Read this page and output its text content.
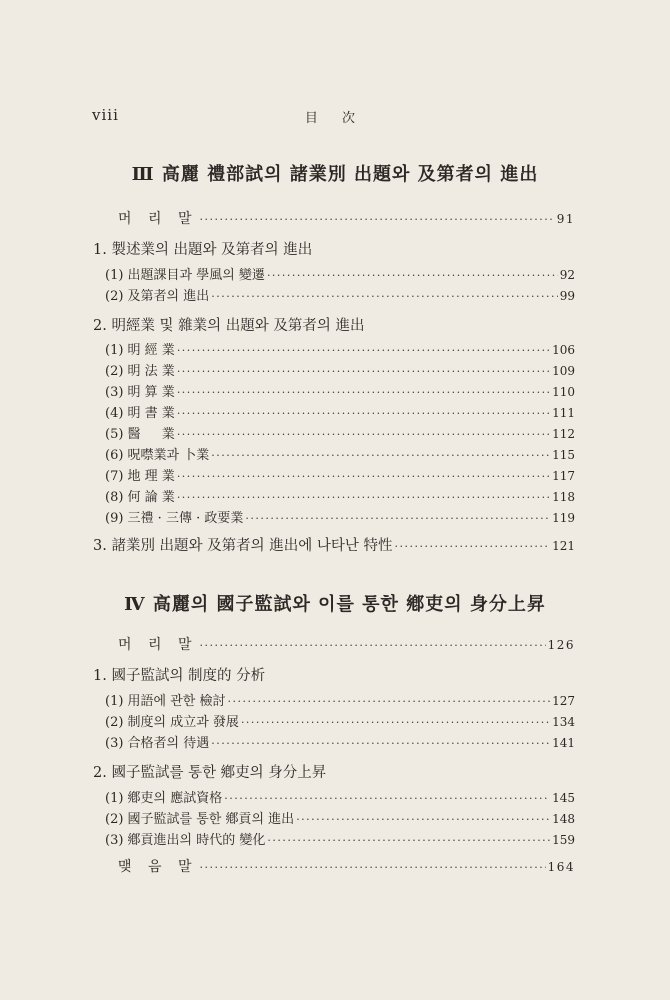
viii	目 次
Ⅲ 高麗 禮部試의 諸業別 出題와 及第者의 進出
머 리 말 ·····	91
1. 製述業의 出題와 及第者의 進出
(1) 出題課目과 學風의 變遷 ·····	92
(2) 及第者의 進出 ·····	99
2. 明經業 및 雜業의 出題와 及第者의 進出
(1) 明 經 業 ·····	106
(2) 明 法 業 ·····	109
(3) 明 算 業 ·····	110
(4) 明 書 業 ·····	111
(5) 醫 　 業 ·····	112
(6) 呪噤業과 卜業 ·····	115
(7) 地 理 業 ·····	117
(8) 何 論 業 ·····	118
(9) 三禮 · 三傳 · 政要業 ·····	119
3. 諸業別 出題와 及第者의 進出에 나타난 特性 ·····	121
Ⅳ 高麗의 國子監試와 이를 통한 鄕吏의 身分上昇
머 리 말 ·····	126
1. 國子監試의 制度的 分析
(1) 用語에 관한 檢討 ·····	127
(2) 制度의 成立과 發展 ·····	134
(3) 合格者의 待遇 ·····	141
2. 國子監試를 통한 鄕吏의 身分上昇
(1) 鄕吏의 應試資格 ·····	145
(2) 國子監試를 통한 鄕貢의 進出 ·····	148
(3) 鄕貢進出의 時代的 變化 ·····	159
맺 음 말 ·····	164
